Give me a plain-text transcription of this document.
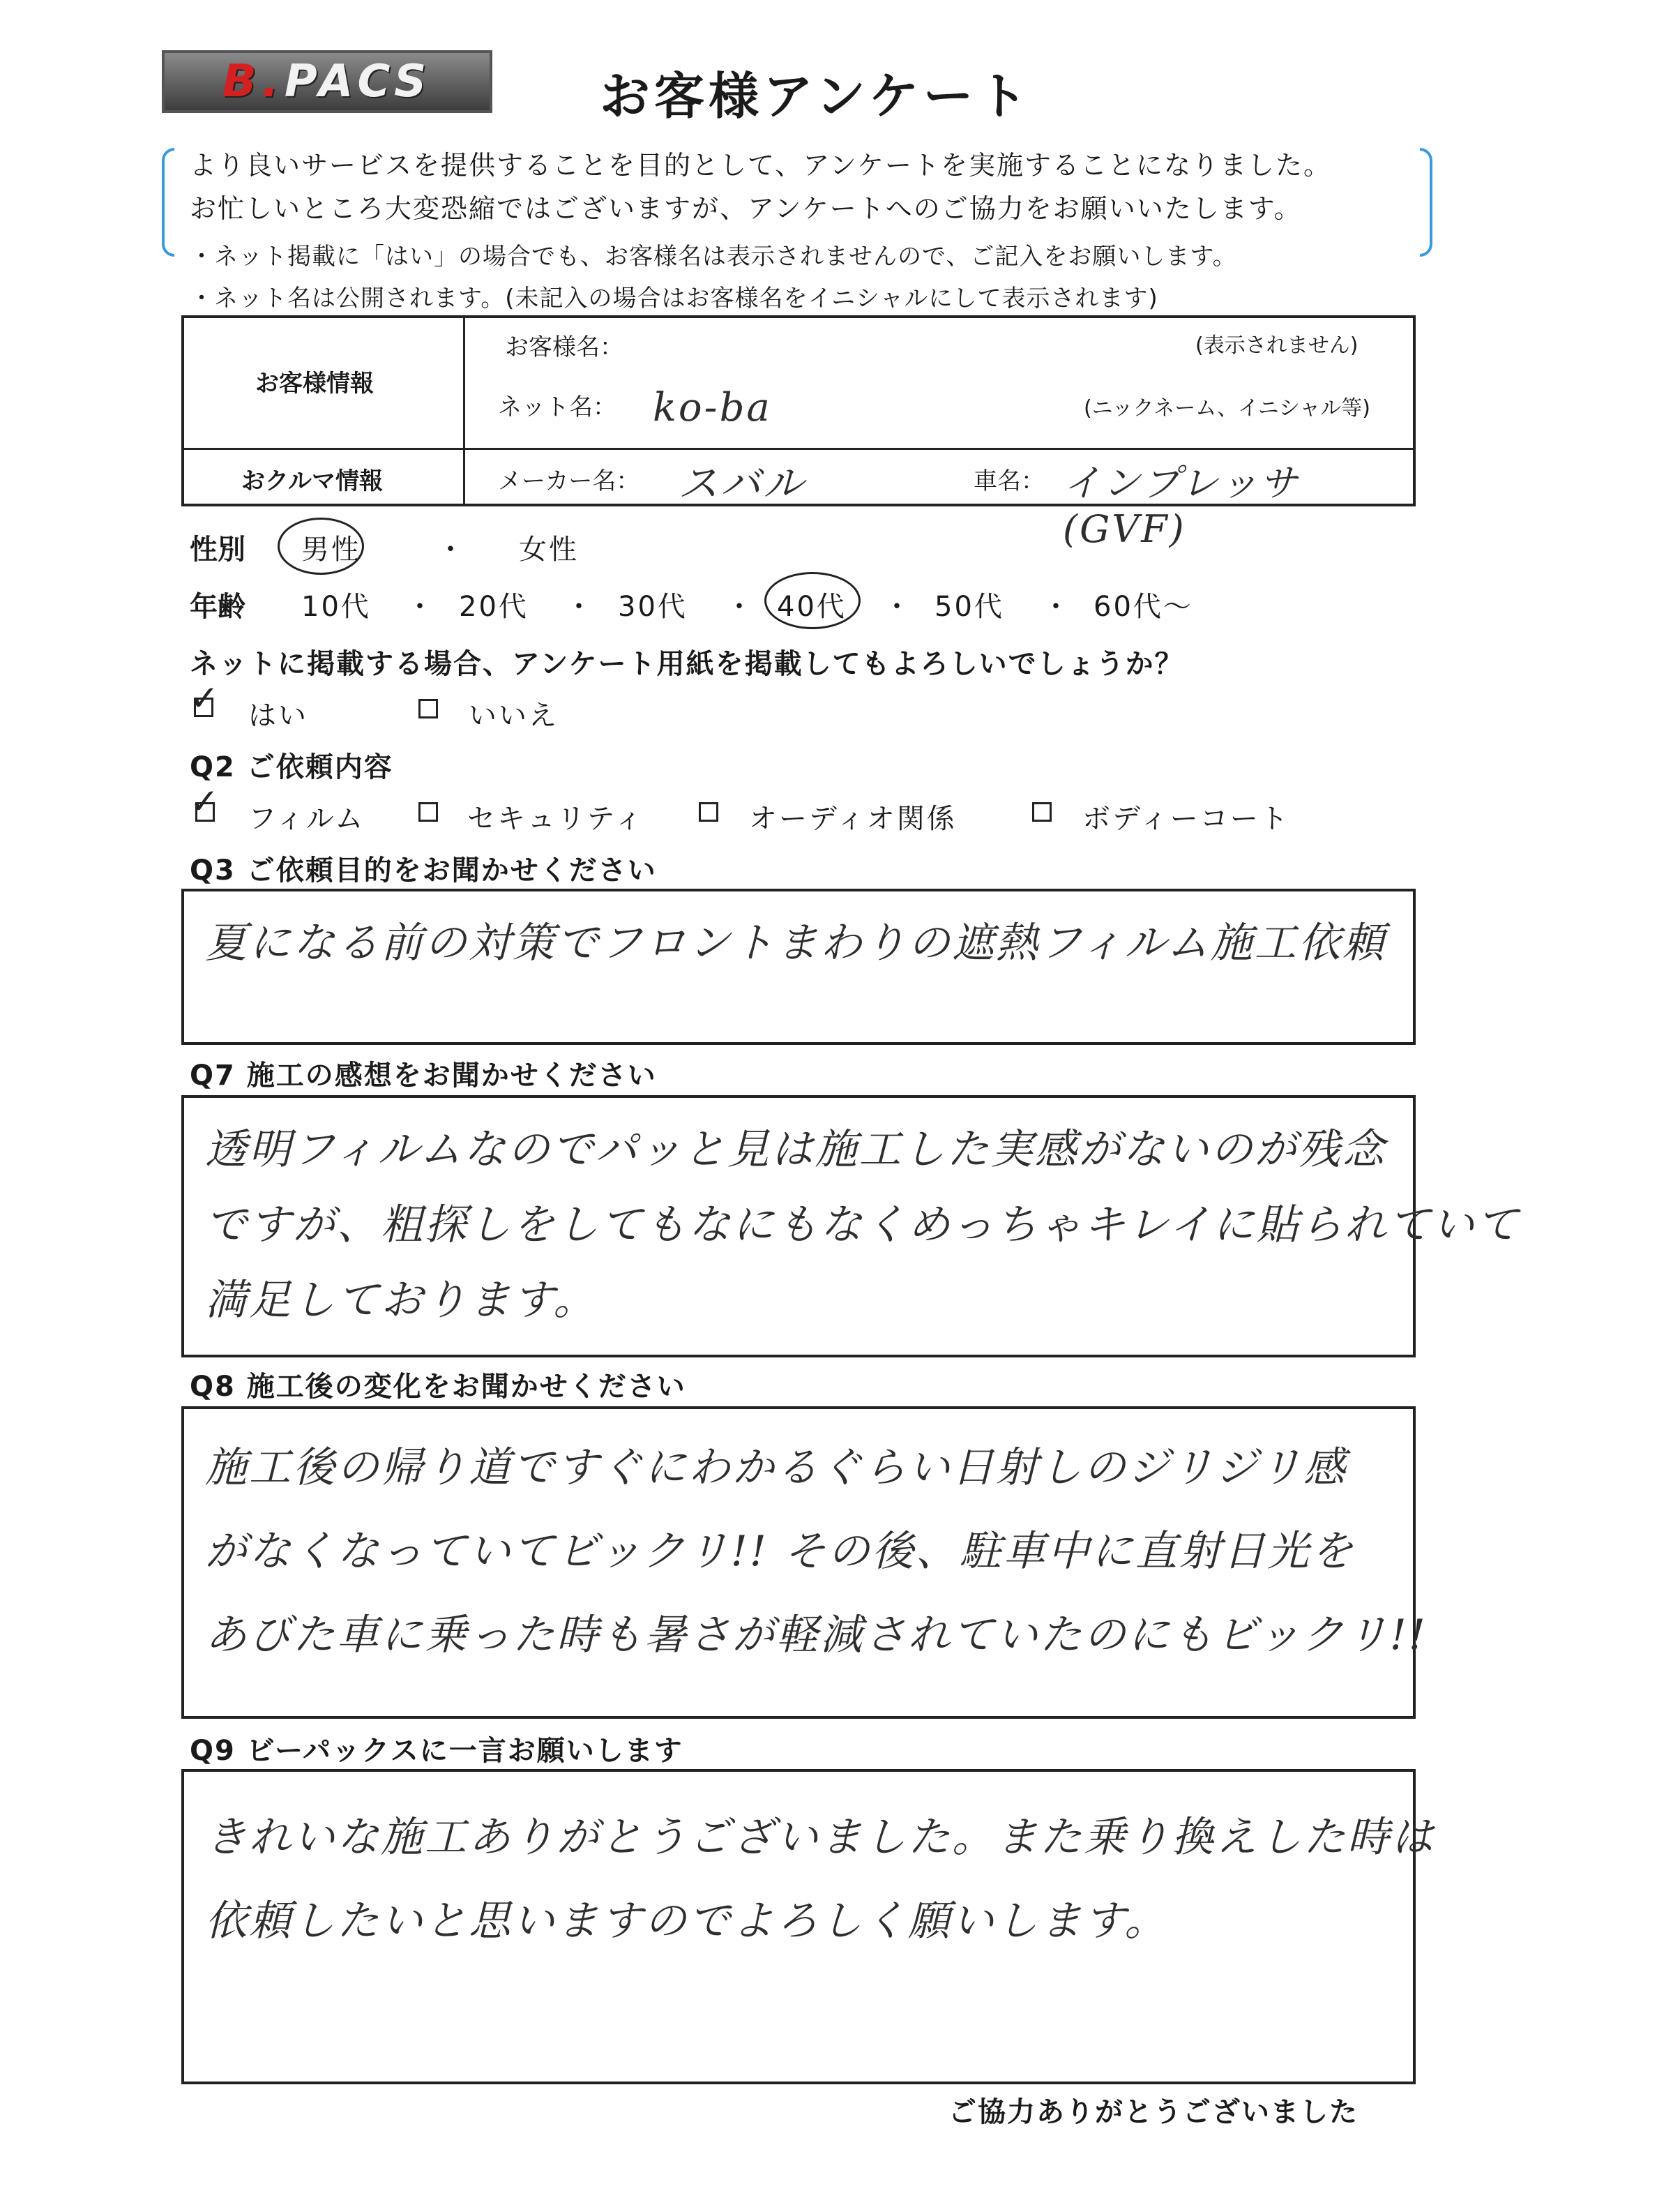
B.PACS	お客様アンケート
より良いサービスを提供することを目的として、アンケートを実施することになりました。
お忙しいところ大変恐縮ではございますが、アンケートへのご協力をお願いいたします。
・ネット掲載に「はい」の場合でも、お客様名は表示されませんので、ご記入をお願いします。
・ネット名は公開されます。(未記入の場合はお客様名をイニシャルにして表示されます)
お客様情報
お客様名：	(表示されません)
ネット名： ko-ba	(ニックネーム、イニシャル等)
おクルマ情報	メーカー名： スバル	車名： インプレッサ (GVF)
性別 男性	・ 女性
年齢 10代 ・ 20代 ・ 30代 ・ 40代 ・ 50代 ・ 60代～
ネットに掲載する場合、アンケート用紙を掲載してもよろしいでしょうか？
✓ はい	いいえ
Q2 ご依頼内容
✓ フィルム	セキュリティ	オーディオ関係	ボディーコート
Q3 ご依頼目的をお聞かせください
夏になる前の対策でフロントまわりの遮熱フィルム施工依頼
Q7 施工の感想をお聞かせください
透明フィルムなのでパッと見は施工した実感がないのが残念
ですが、粗探しをしてもなにもなくめっちゃキレイに貼られていて
満足しております。
Q8 施工後の変化をお聞かせください
施工後の帰り道ですぐにわかるぐらい日射しのジリジリ感
がなくなっていてビックリ!! その後、駐車中に直射日光を
あびた車に乗った時も暑さが軽減されていたのにもビックリ!!
Q9 ビーパックスに一言お願いします
きれいな施工ありがとうございました。また乗り換えした時は
依頼したいと思いますのでよろしく願いします。
ご協力ありがとうございました
